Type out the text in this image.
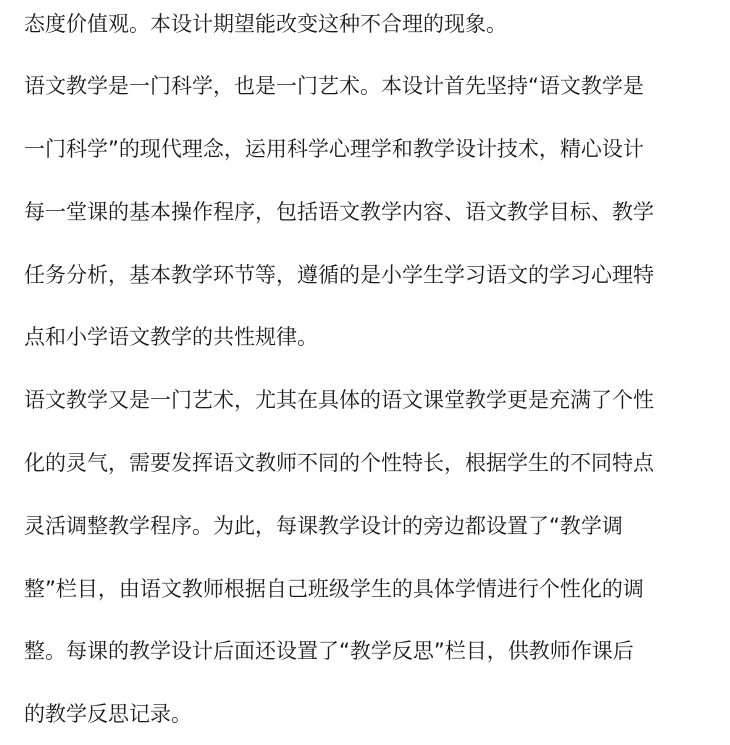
态度价值观。本设计期望能改变这种不合理的现象。
语文教学是一门科学，也是一门艺术。本设计首先坚持“语文教学是
一门科学”的现代理念，运用科学心理学和教学设计技术，精心设计
每一堂课的基本操作程序，包括语文教学内容、语文教学目标、教学
任务分析，基本教学环节等，遵循的是小学生学习语文的学习心理特
点和小学语文教学的共性规律。
语文教学又是一门艺术，尤其在具体的语文课堂教学更是充满了个性
化的灵气，需要发挥语文教师不同的个性特长，根据学生的不同特点
灵活调整教学程序。为此，每课教学设计的旁边都设置了“教学调
整”栏目，由语文教师根据自己班级学生的具体学情进行个性化的调
整。每课的教学设计后面还设置了“教学反思”栏目，供教师作课后
的教学反思记录。
